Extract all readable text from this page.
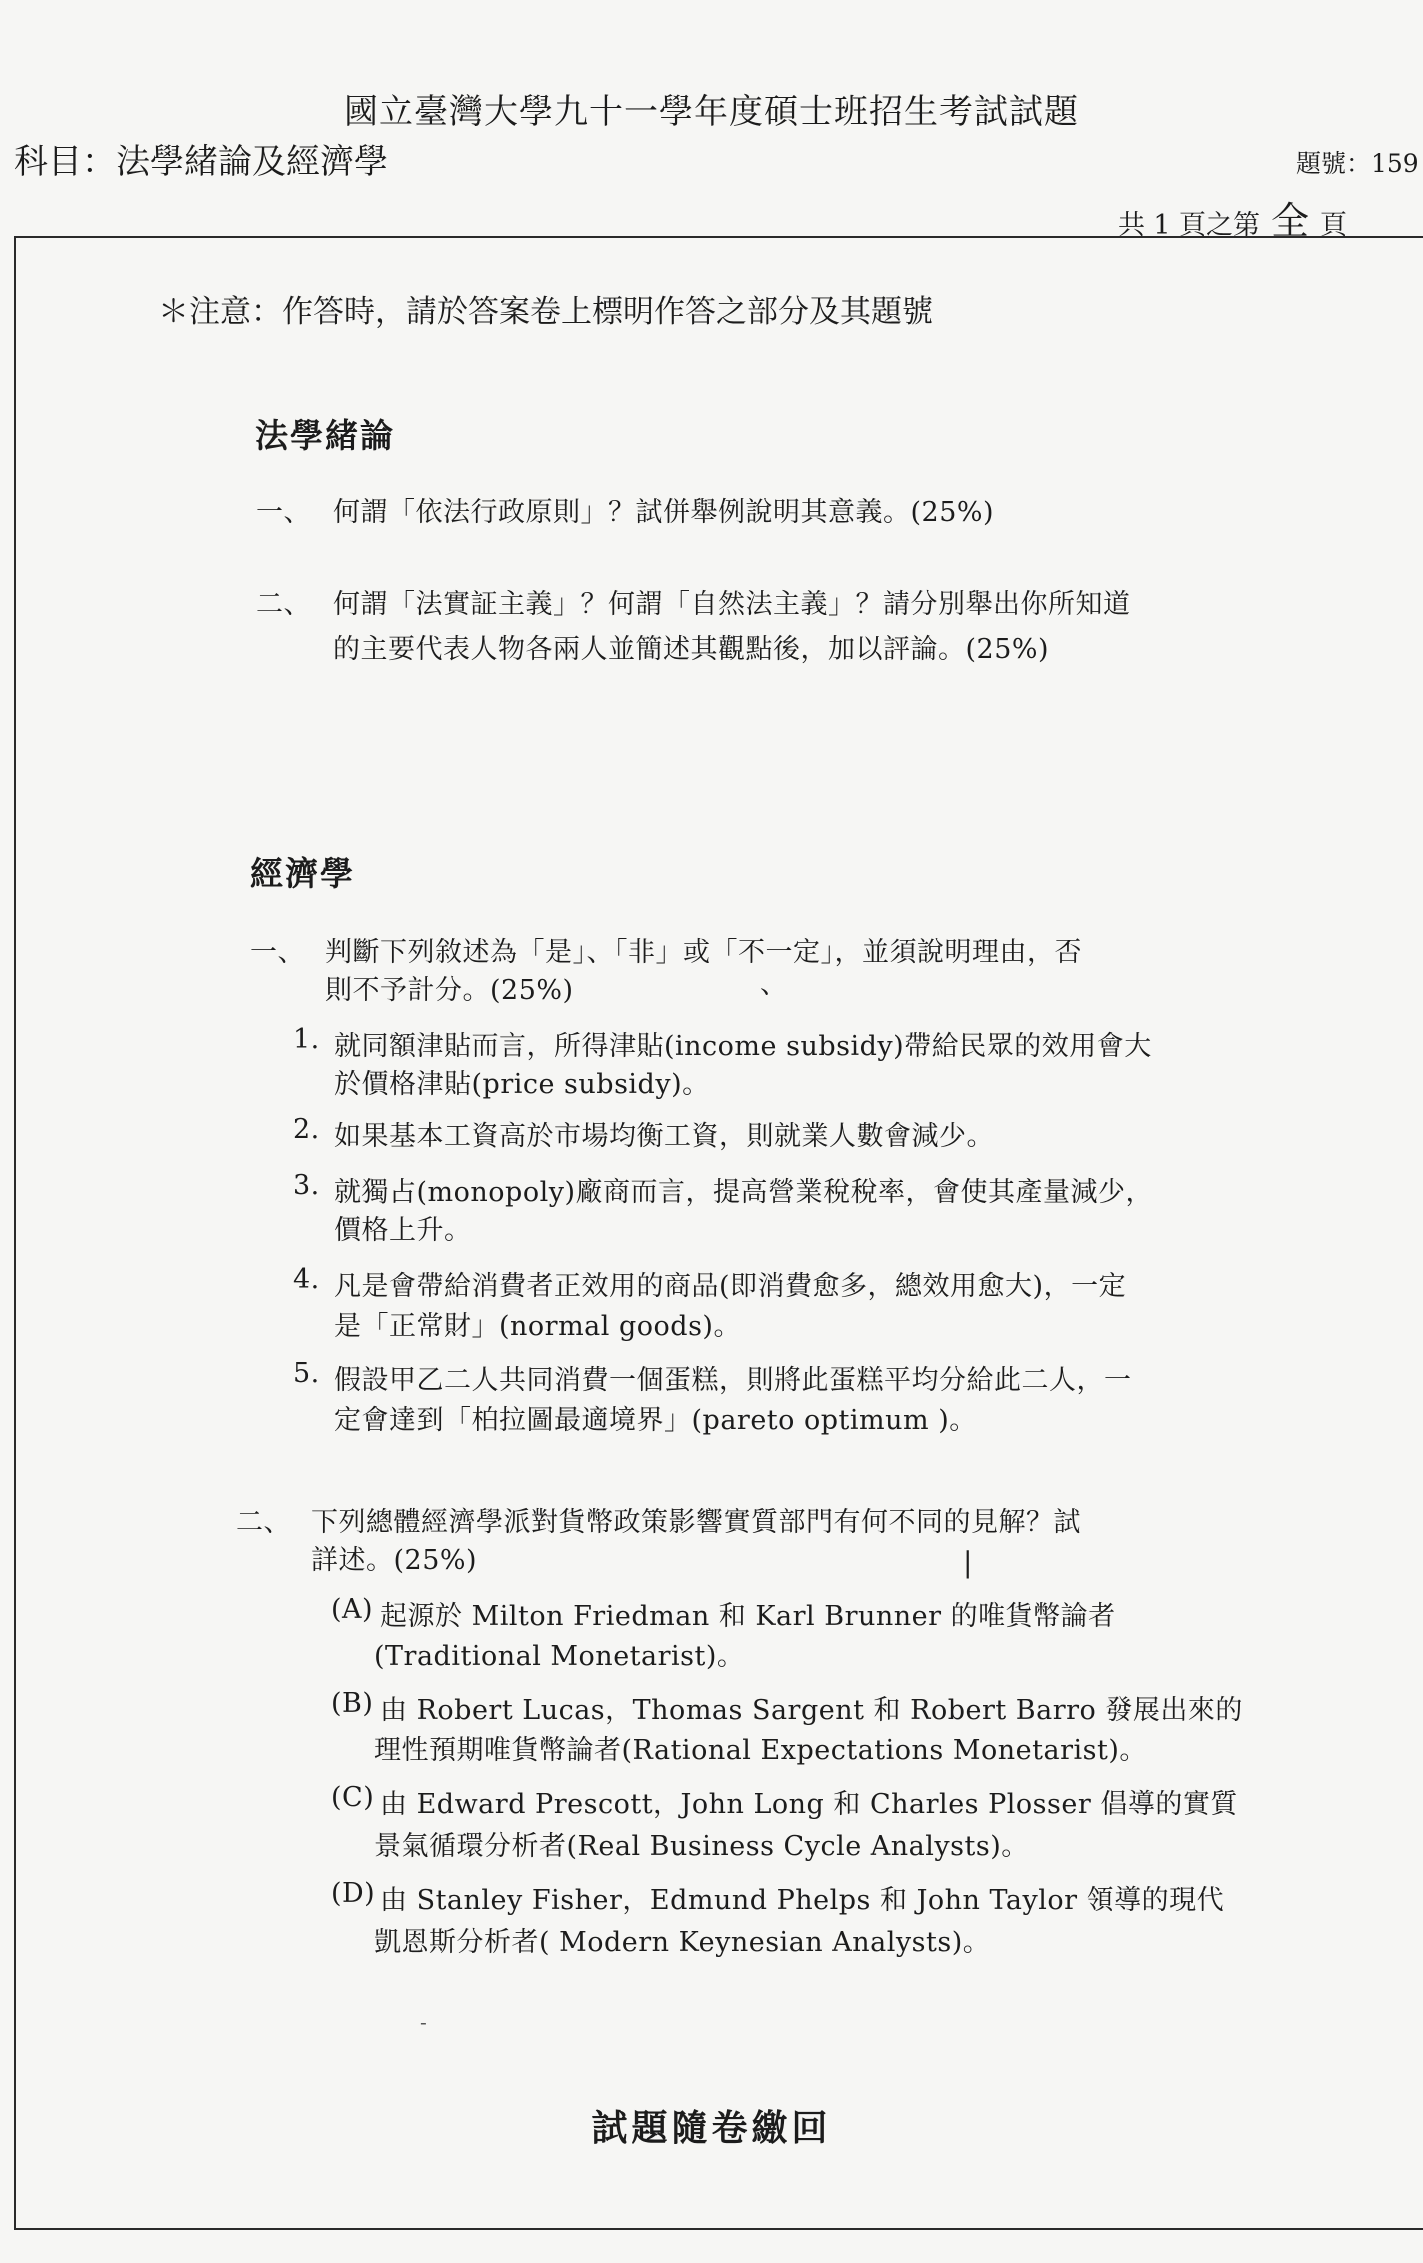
國立臺灣大學九十一學年度碩士班招生考試試題
科目：法學緒論及經濟學	題號：159
共 1 頁之第 全 頁
＊注意：作答時，請於答案卷上標明作答之部分及其題號
法學緒論
一、 何謂「依法行政原則」？試併舉例說明其意義。(25%)
二、 何謂「法實証主義」？何謂「自然法主義」？請分別舉出你所知道
的主要代表人物各兩人並簡述其觀點後，加以評論。(25%)
經濟學
一、 判斷下列敘述為「是」、「非」或「不一定」，並須說明理由，否
則不予計分。(25%)	、
1. 就同額津貼而言，所得津貼(income subsidy)帶給民眾的效用會大
於價格津貼(price subsidy)。
2. 如果基本工資高於市場均衡工資，則就業人數會減少。
3. 就獨占(monopoly)廠商而言，提高營業稅稅率，會使其產量減少，
價格上升。
4. 凡是會帶給消費者正效用的商品(即消費愈多，總效用愈大)，一定
是「正常財」(normal goods)。
5. 假設甲乙二人共同消費一個蛋糕，則將此蛋糕平均分給此二人，一
定會達到「柏拉圖最適境界」(pareto optimum )。
二、 下列總體經濟學派對貨幣政策影響實質部門有何不同的見解？試
詳述。(25%)	|
(A) 起源於 Milton Friedman 和 Karl Brunner 的唯貨幣論者
(Traditional Monetarist)。
(B) 由 Robert Lucas，Thomas Sargent 和 Robert Barro 發展出來的
理性預期唯貨幣論者(Rational Expectations Monetarist)。
(C) 由 Edward Prescott，John Long 和 Charles Plosser 倡導的實質
景氣循環分析者(Real Business Cycle Analysts)。
(D) 由 Stanley Fisher，Edmund Phelps 和 John Taylor 領導的現代
凱恩斯分析者( Modern Keynesian Analysts)。
-
試題隨卷繳回
